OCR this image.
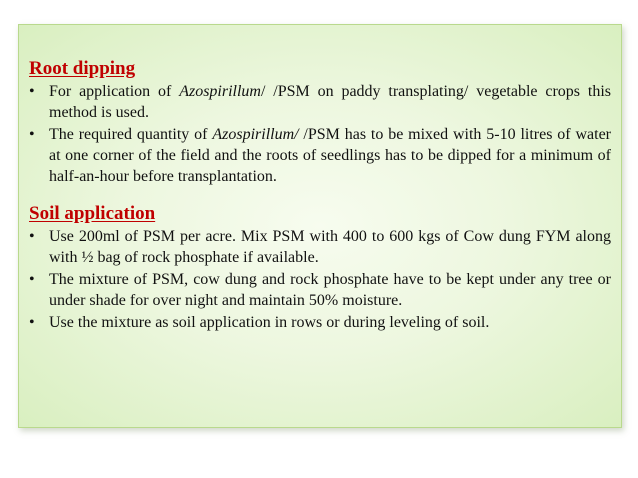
Root dipping
• For application of Azospirillum/ /PSM on paddy transplating/ vegetable crops this method is used.
• The required quantity of Azospirillum/ /PSM has to be mixed with 5-10 litres of water at one corner of the field and the roots of seedlings has to be dipped for a minimum of half-an-hour before transplantation.
Soil application
• Use 200ml of PSM per acre. Mix PSM with 400 to 600 kgs of Cow dung FYM along with ½ bag of rock phosphate if available.
• The mixture of PSM, cow dung and rock phosphate have to be kept under any tree or under shade for over night and maintain 50% moisture.
• Use the mixture as soil application in rows or during leveling of soil.
